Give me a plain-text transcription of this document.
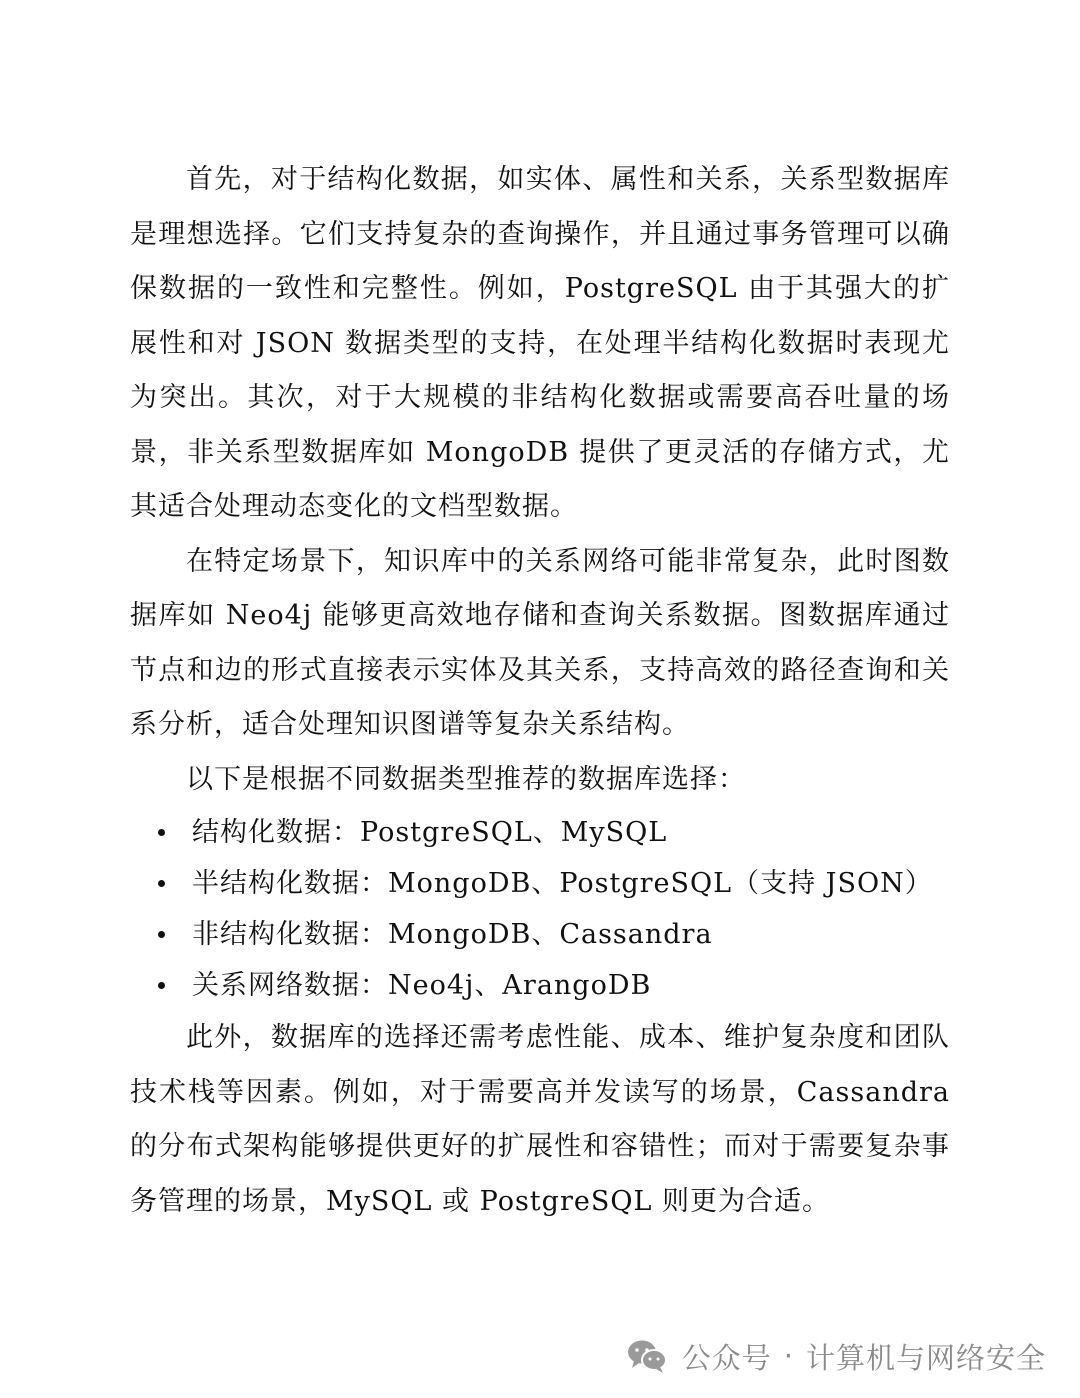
首先，对于结构化数据，如实体、属性和关系，关系型数据库是理想选择。它们支持复杂的查询操作，并且通过事务管理可以确保数据的一致性和完整性。例如，PostgreSQL 由于其强大的扩展性和对 JSON 数据类型的支持，在处理半结构化数据时表现尤为突出。其次，对于大规模的非结构化数据或需要高吞吐量的场景，非关系型数据库如 MongoDB 提供了更灵活的存储方式，尤其适合处理动态变化的文档型数据。

在特定场景下，知识库中的关系网络可能非常复杂，此时图数据库如 Neo4j 能够更高效地存储和查询关系数据。图数据库通过节点和边的形式直接表示实体及其关系，支持高效的路径查询和关系分析，适合处理知识图谱等复杂关系结构。

以下是根据不同数据类型推荐的数据库选择：

结构化数据：PostgreSQL、MySQL
半结构化数据：MongoDB、PostgreSQL（支持 JSON）
非结构化数据：MongoDB、Cassandra
关系网络数据：Neo4j、ArangoDB

此外，数据库的选择还需考虑性能、成本、维护复杂度和团队技术栈等因素。例如，对于需要高并发读写的场景，Cassandra 的分布式架构能够提供更好的扩展性和容错性；而对于需要复杂事务管理的场景，MySQL 或 PostgreSQL 则更为合适。

公众号 · 计算机与网络安全
